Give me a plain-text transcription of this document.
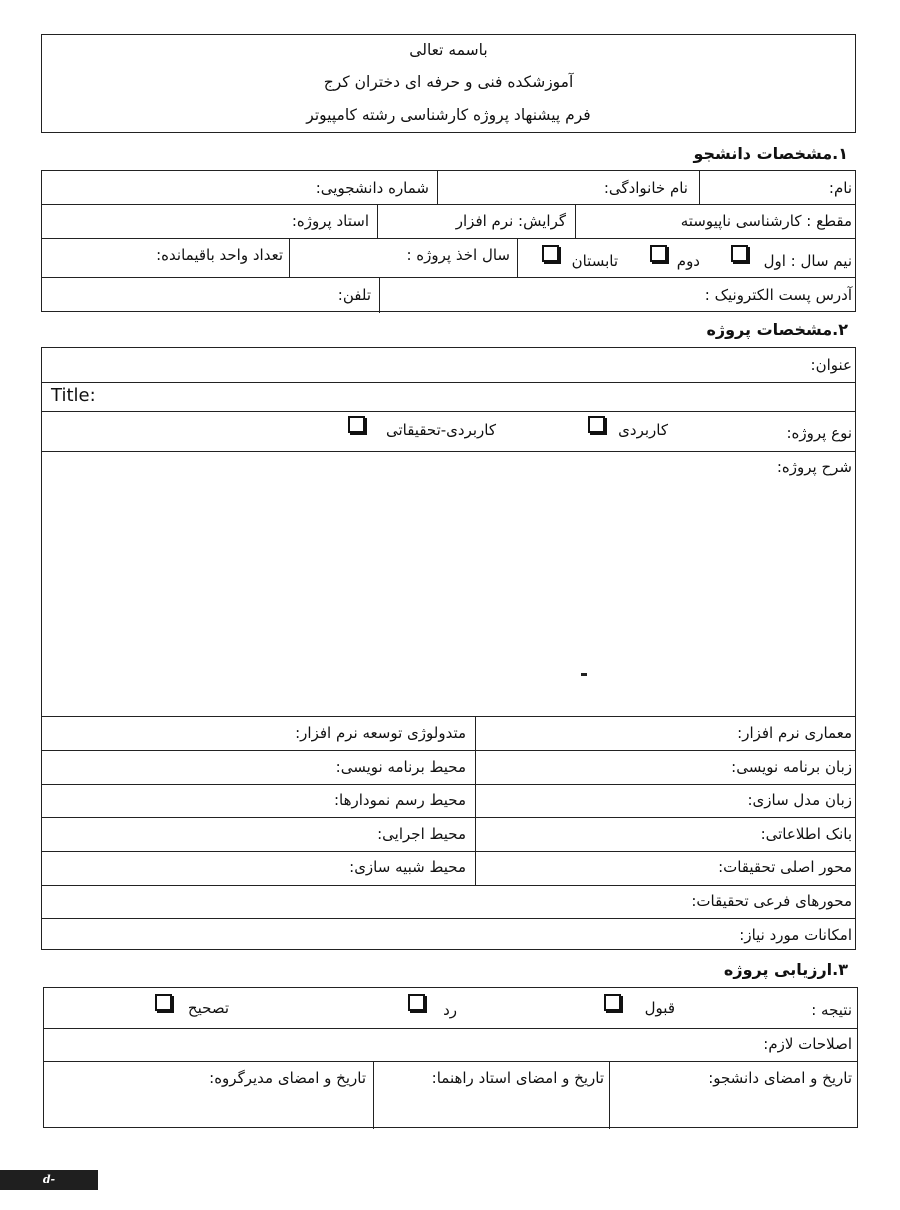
باسمه تعالی
آموزشکده فنی و حرفه ای دختران کرج
فرم پیشنهاد پروژه کارشناسی رشته کامپیوتر
۱.مشخصات دانشجو
نام:
نام خانوادگی:
شماره دانشجویی:
مقطع : کارشناسی ناپیوسته
گرایش: نرم افزار
استاد پروژه:
نیم سال : اول
دوم
تابستان
سال اخذ پروژه :
تعداد واحد باقیمانده:
آدرس پست الکترونیک :
تلفن:
۲.مشخصات پروژه
عنوان:
Title:
نوع پروژه:
کاربردی
کاربردی-تحقیقاتی
شرح پروژه:
معماری نرم افزار:
متدولوژی توسعه نرم افزار:
زبان برنامه نویسی:
محیط برنامه نویسی:
زبان مدل سازی:
محیط رسم نمودارها:
بانک اطلاعاتی:
محیط اجرایی:
محور اصلی تحقیقات:
محیط شبیه سازی:
محورهای فرعی تحقیقات:
امکانات مورد نیاز:
۳.ارزیابی پروژه
نتیجه :
قبول
رد
تصحیح
اصلاحات لازم:
تاریخ و امضای دانشجو:
تاریخ و امضای استاد راهنما:
تاریخ و امضای مدیرگروه:
d-karaj.nus.ac.ir
